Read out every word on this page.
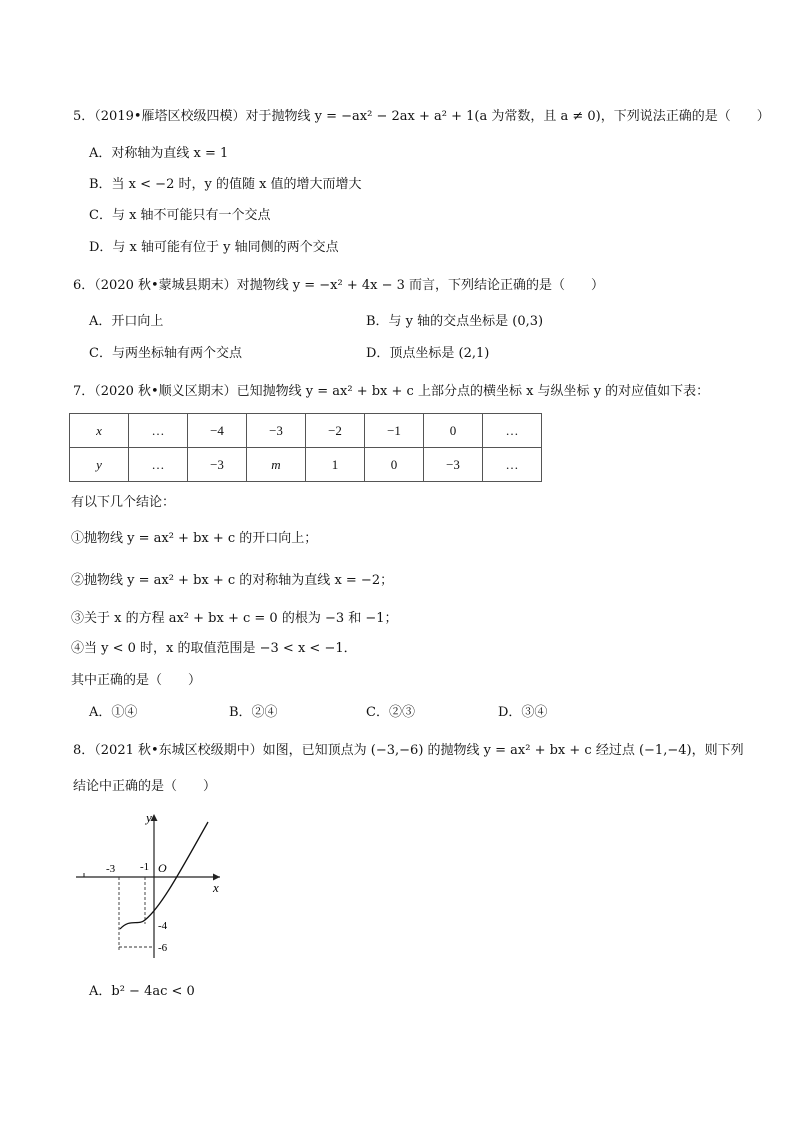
5．（2019•雁塔区校级四模）对于抛物线 y = −ax² − 2ax + a² + 1(a 为常数，且 a ≠ 0)，下列说法正确的是（　　）
A．对称轴为直线 x = 1
B．当 x < −2 时，y 的值随 x 值的增大而增大
C．与 x 轴不可能只有一个交点
D．与 x 轴可能有位于 y 轴同侧的两个交点
6．（2020 秋•蒙城县期末）对抛物线 y = −x² + 4x − 3 而言，下列结论正确的是（　　）
A．开口向上	B．与 y 轴的交点坐标是 (0,3)
C．与两坐标轴有两个交点	D．顶点坐标是 (2,1)
7．（2020 秋•顺义区期末）已知抛物线 y = ax² + bx + c 上部分点的横坐标 x 与纵坐标 y 的对应值如下表：
x	…	−4	−3	−2	−1	0	…
y	…	−3	m	1	0	−3	…
有以下几个结论：
①抛物线 y = ax² + bx + c 的开口向上；
②抛物线 y = ax² + bx + c 的对称轴为直线 x = −2；
③关于 x 的方程 ax² + bx + c = 0 的根为 −3 和 −1；
④当 y < 0 时，x 的取值范围是 −3 < x < −1．
其中正确的是（　　）
A．①④	B．②④	C．②③	D．③④
8．（2021 秋•东城区校级期中）如图，已知顶点为 (−3,−6) 的抛物线 y = ax² + bx + c 经过点 (−1,−4)，则下列
结论中正确的是（　　）
y
x
O
-3 -1
-4
-6
A．b² − 4ac < 0
